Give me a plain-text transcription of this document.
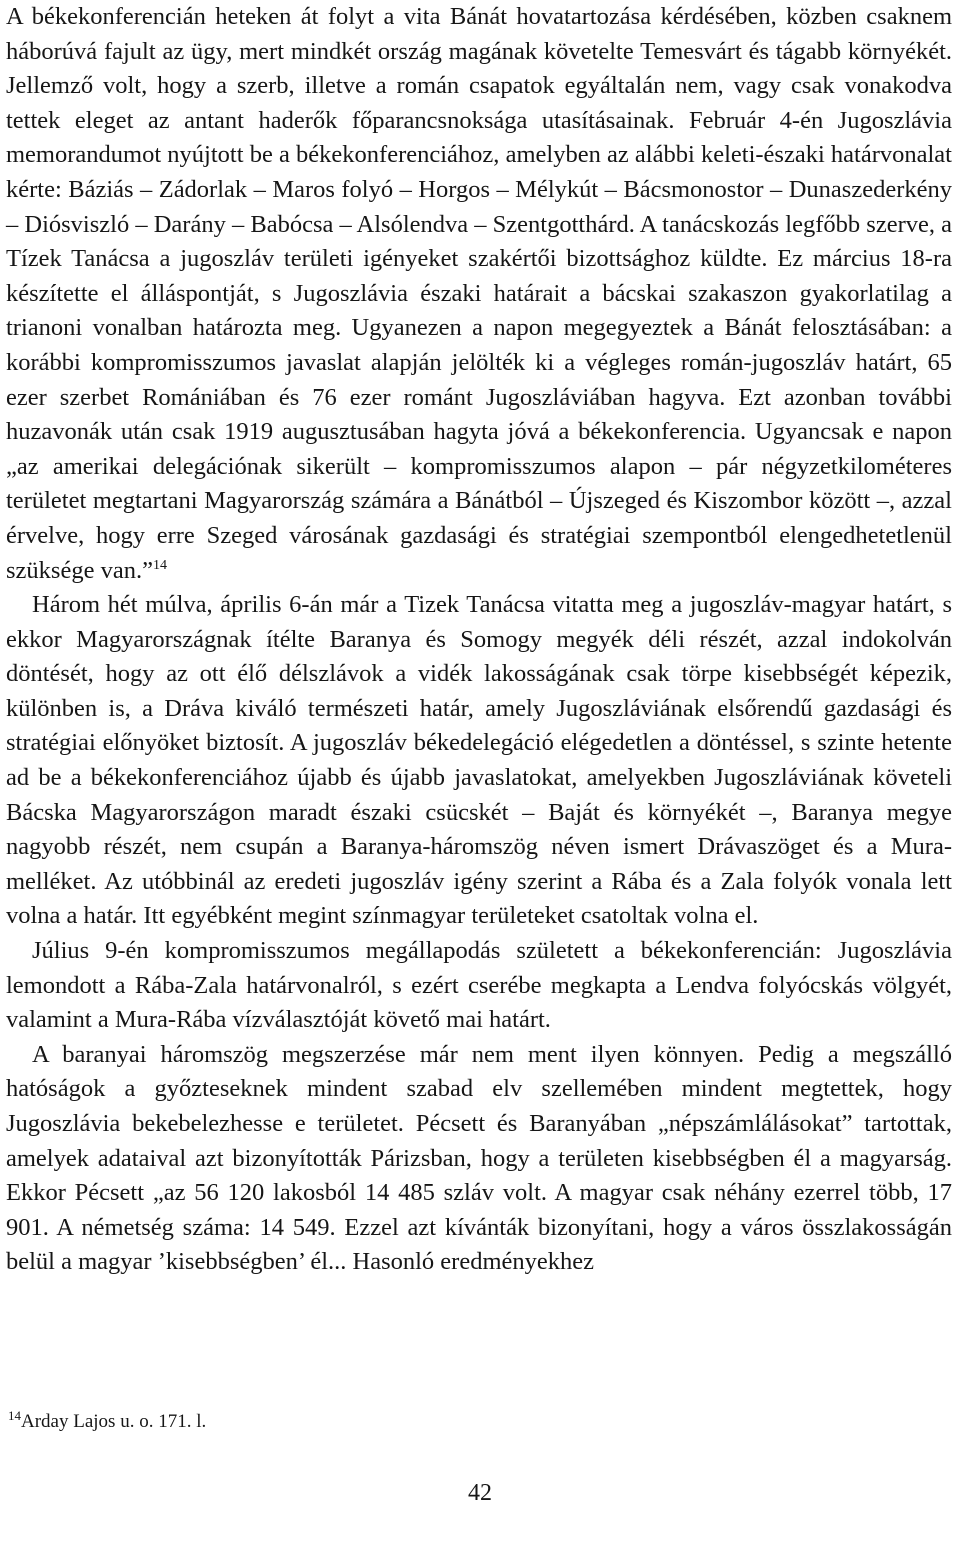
A békekonferencián heteken át folyt a vita Bánát hovatartozása kérdésében, közben csaknem háborúvá fajult az ügy, mert mindkét ország magának követelte Temesvárt és tágabb környékét. Jellemző volt, hogy a szerb, illetve a román csapatok egyáltalán nem, vagy csak vonakodva tettek eleget az antant haderők főparancsnoksága utasításainak. Február 4-én Jugoszlávia memorandumot nyújtott be a békekonferenciához, amelyben az alábbi keleti-északi határvonalat kérte: Báziás – Zádorlak – Maros folyó – Horgos – Mélykút – Bácsmonostor – Dunaszederkény – Diósviszló – Darány – Babócsa – Alsólendva – Szentgotthárd. A tanácskozás legfőbb szerve, a Tízek Tanácsa a jugoszláv területi igényeket szakértői bizottsághoz küldte. Ez március 18-ra készítette el álláspontját, s Jugoszlávia északi határait a bácskai szakaszon gyakorlatilag a trianoni vonalban határozta meg. Ugyanezen a napon megegyeztek a Bánát felosztásában: a korábbi kompromisszumos javaslat alapján jelölték ki a végleges román-jugoszláv határt, 65 ezer szerbet Romániában és 76 ezer románt Jugoszláviában hagyva. Ezt azonban további huzavonák után csak 1919 augusztusában hagyta jóvá a békekonferencia. Ugyancsak e napon „az amerikai delegációnak sikerült – kompromisszumos alapon – pár négyzetkilométeres területet megtartani Magyarország számára a Bánátból – Újszeged és Kiszombor között –, azzal érvelve, hogy erre Szeged városának gazdasági és stratégiai szempontból elengedhetetlenül szüksége van.”$^{14}$

Három hét múlva, április 6-án már a Tizek Tanácsa vitatta meg a jugoszláv-magyar határt, s ekkor Magyarországnak ítélte Baranya és Somogy megyék déli részét, azzal indokolván döntését, hogy az ott élő délszlávok a vidék lakosságának csak törpe kisebbségét képezik, különben is, a Dráva kiváló természeti határ, amely Jugoszláviának elsőrendű gazdasági és stratégiai előnyöket biztosít. A jugoszláv békedelegáció elégedetlen a döntéssel, s szinte hetente ad be a békekonferenciához újabb és újabb javaslatokat, amelyekben Jugoszláviának követeli Bácska Magyarországon maradt északi csücskét – Baját és környékét –, Baranya megye nagyobb részét, nem csupán a Baranya-háromszög néven ismert Drávaszöget és a Mura-melléket. Az utóbbinál az eredeti jugoszláv igény szerint a Rába és a Zala folyók vonala lett volna a határ. Itt egyébként megint színmagyar területeket csatoltak volna el.

Július 9-én kompromisszumos megállapodás született a békekonferencián: Jugoszlávia lemondott a Rába-Zala határvonalról, s ezért cserébe megkapta a Lendva folyócskás völgyét, valamint a Mura-Rába vízválasztóját követő mai határt.

A baranyai háromszög megszerzése már nem ment ilyen könnyen. Pedig a megszálló hatóságok a győzteseknek mindent szabad elv szellemében mindent megtettek, hogy Jugoszlávia bekebelezhesse e területet. Pécsett és Baranyában „népszámlálásokat” tartottak, amelyek adataival azt bizonyították Párizsban, hogy a területen kisebbségben él a magyarság. Ekkor Pécsett „az 56 120 lakosból 14 485 szláv volt. A magyar csak néhány ezerrel több, 17 901. A németség száma: 14 549. Ezzel azt kívánták bizonyítani, hogy a város összlakosságán belül a magyar ’kisebbségben’ él... Hasonló eredményekhez

$^{14}$Arday Lajos u. o. 171. l.
42
